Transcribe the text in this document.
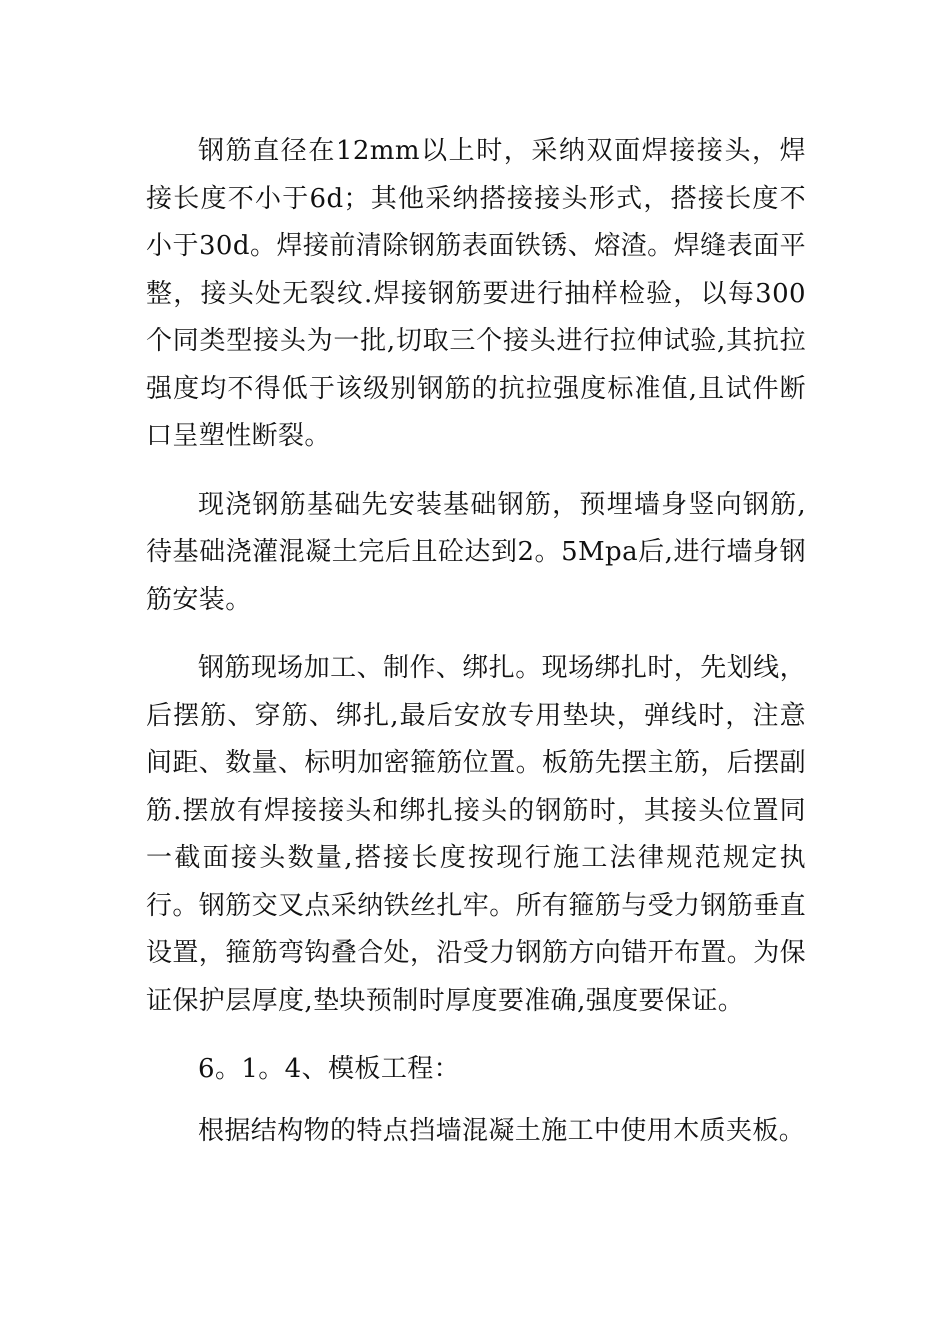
钢筋直径在12mm以上时，采纳双面焊接接头，焊接长度不小于6d；其他采纳搭接接头形式，搭接长度不小于30d。焊接前清除钢筋表面铁锈、熔渣。焊缝表面平整，接头处无裂纹.焊接钢筋要进行抽样检验，以每300个同类型接头为一批,切取三个接头进行拉伸试验,其抗拉强度均不得低于该级别钢筋的抗拉强度标准值,且试件断口呈塑性断裂。

现浇钢筋基础先安装基础钢筋，预埋墙身竖向钢筋,待基础浇灌混凝土完后且砼达到2。5Mpa后,进行墙身钢筋安装。

钢筋现场加工、制作、绑扎。现场绑扎时，先划线，后摆筋、穿筋、绑扎,最后安放专用垫块，弹线时，注意间距、数量、标明加密箍筋位置。板筋先摆主筋，后摆副筋.摆放有焊接接头和绑扎接头的钢筋时，其接头位置同一截面接头数量,搭接长度按现行施工法律规范规定执行。钢筋交叉点采纳铁丝扎牢。所有箍筋与受力钢筋垂直设置，箍筋弯钩叠合处，沿受力钢筋方向错开布置。为保证保护层厚度,垫块预制时厚度要准确,强度要保证。

6。1。4、模板工程：

根据结构物的特点挡墙混凝土施工中使用木质夹板。
